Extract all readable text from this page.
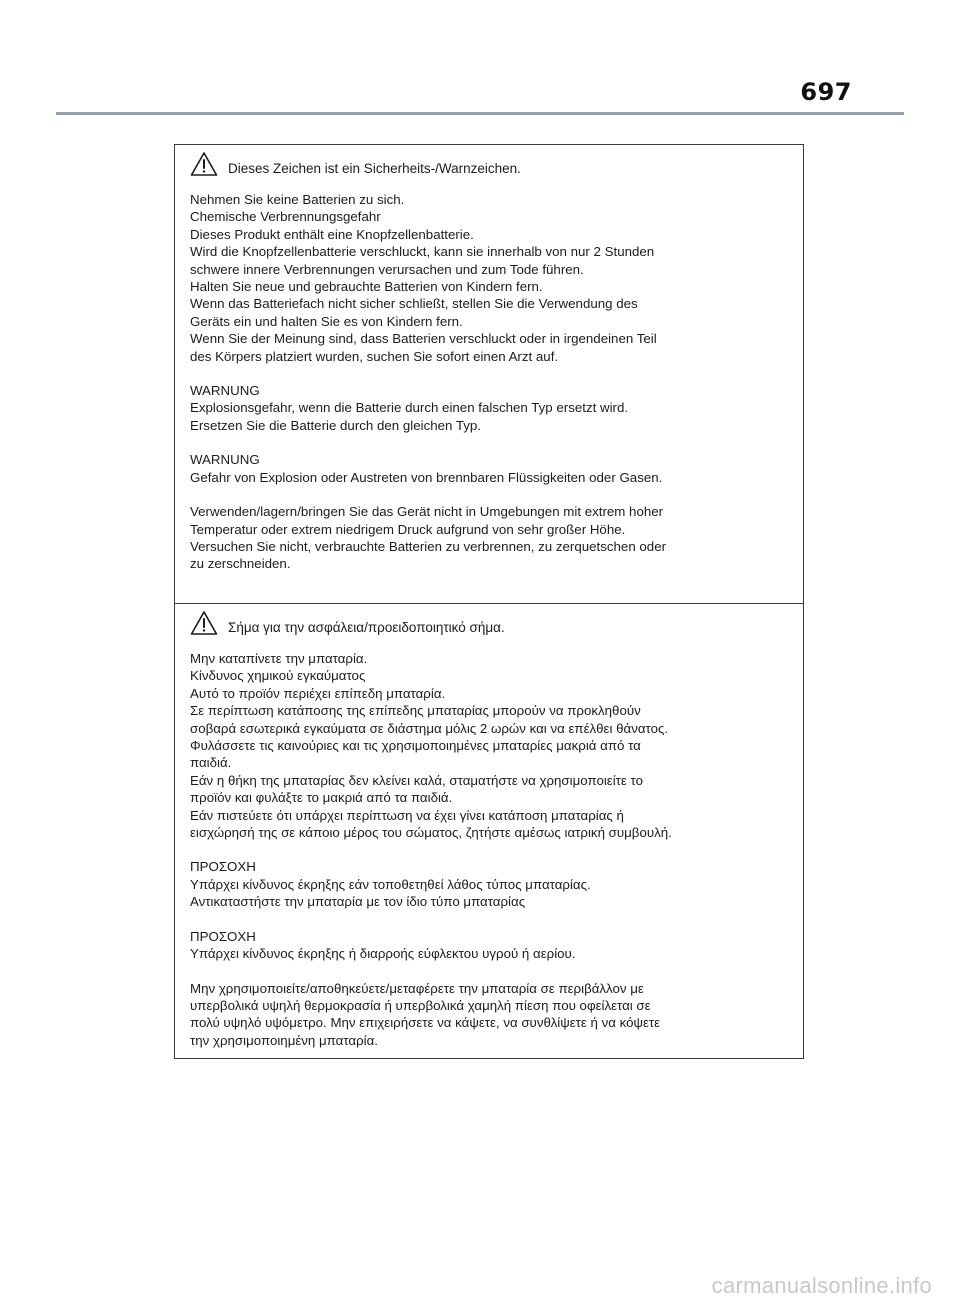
697
Dieses Zeichen ist ein Sicherheits-/Warnzeichen.

Nehmen Sie keine Batterien zu sich.

Chemische Verbrennungsgefahr

Dieses Produkt enthält eine Knopfzellenbatterie.

Wird die Knopfzellenbatterie verschluckt, kann sie innerhalb von nur 2 Stunden

schwere innere Verbrennungen verursachen und zum Tode führen.

Halten Sie neue und gebrauchte Batterien von Kindern fern.

Wenn das Batteriefach nicht sicher schließt, stellen Sie die Verwendung des

Geräts ein und halten Sie es von Kindern fern.

Wenn Sie der Meinung sind, dass Batterien verschluckt oder in irgendeinen Teil

des Körpers platziert wurden, suchen Sie sofort einen Arzt auf.

WARNUNG

Explosionsgefahr, wenn die Batterie durch einen falschen Typ ersetzt wird.

Ersetzen Sie die Batterie durch den gleichen Typ.

WARNUNG

Gefahr von Explosion oder Austreten von brennbaren Flüssigkeiten oder Gasen.

Verwenden/lagern/bringen Sie das Gerät nicht in Umgebungen mit extrem hoher

Temperatur oder extrem niedrigem Druck aufgrund von sehr großer Höhe.

Versuchen Sie nicht, verbrauchte Batterien zu verbrennen, zu zerquetschen oder

zu zerschneiden.

Σήμα για την ασφάλεια/προειδοποιητικό σήμα.

Μην καταπίνετε την μπαταρία.

Κίνδυνος χημικού εγκαύματος

Αυτό το προϊόν περιέχει επίπεδη μπαταρία.

Σε περίπτωση κατάποσης της επίπεδης μπαταρίας μπορούν να προκληθούν

σοβαρά εσωτερικά εγκαύματα σε διάστημα μόλις 2 ωρών και να επέλθει θάνατος.

Φυλάσσετε τις καινούριες και τις χρησιμοποιημένες μπαταρίες μακριά από τα

παιδιά.

Εάν η θήκη της μπαταρίας δεν κλείνει καλά, σταματήστε να χρησιμοποιείτε το

προϊόν και φυλάξτε το μακριά από τα παιδιά.

Εάν πιστεύετε ότι υπάρχει περίπτωση να έχει γίνει κατάποση μπαταρίας ή

εισχώρησή της σε κάποιο μέρος του σώματος, ζητήστε αμέσως ιατρική συμβουλή.

ΠΡΟΣΟΧΗ

Υπάρχει κίνδυνος έκρηξης εάν τοποθετηθεί λάθος τύπος μπαταρίας.

Αντικαταστήστε την μπαταρία με τον ίδιο τύπο μπαταρίας

ΠΡΟΣΟΧΗ

Υπάρχει κίνδυνος έκρηξης ή διαρροής εύφλεκτου υγρού ή αερίου.

Μην χρησιμοποιείτε/αποθηκεύετε/μεταφέρετε την μπαταρία σε περιβάλλον με

υπερβολικά υψηλή θερμοκρασία ή υπερβολικά χαμηλή πίεση που οφείλεται σε

πολύ υψηλό υψόμετρο. Μην επιχειρήσετε να κάψετε, να συνθλίψετε ή να κόψετε

την χρησιμοποιημένη μπαταρία.

carmanualsonline.info
